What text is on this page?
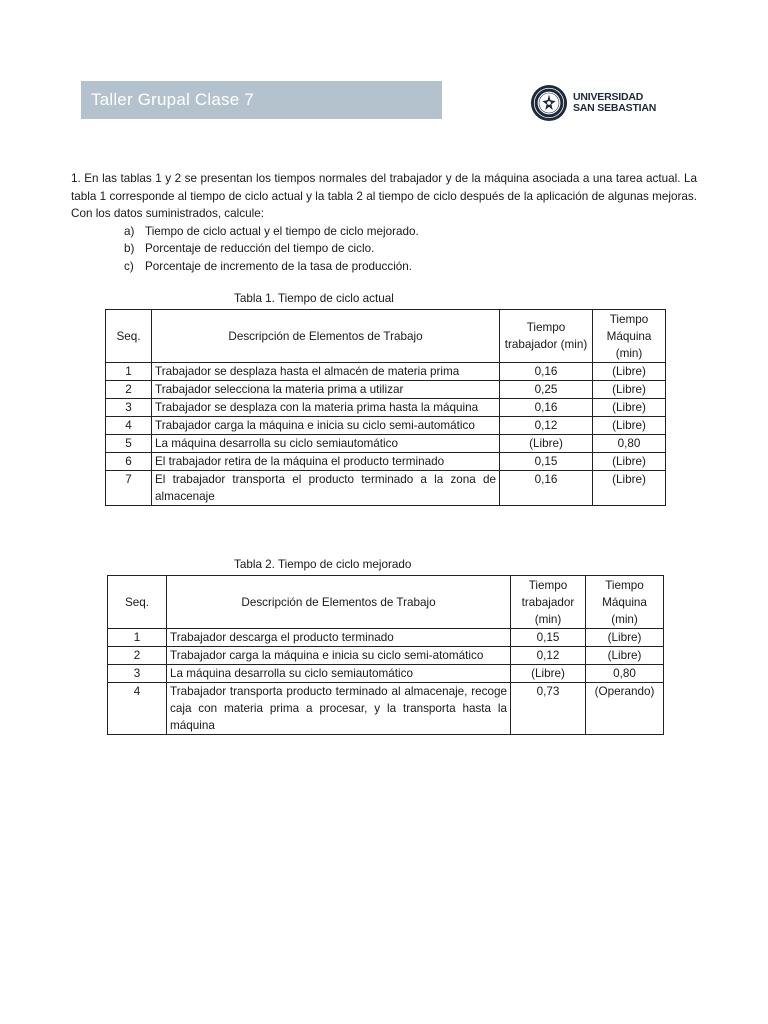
Taller Grupal Clase 7	UNIVERSIDAD
SAN SEBASTIAN

1. En las tablas 1 y 2 se presentan los tiempos normales del trabajador y de la máquina asociada a una tarea actual. La tabla 1 corresponde al tiempo de ciclo actual y la tabla 2 al tiempo de ciclo después de la aplicación de algunas mejoras. Con los datos suministrados, calcule:

a) Tiempo de ciclo actual y el tiempo de ciclo mejorado.
b) Porcentaje de reducción del tiempo de ciclo.
c) Porcentaje de incremento de la tasa de producción.
Tabla 1. Tiempo de ciclo actual
Seq.	Descripción de Elementos de Trabajo	Tiempo trabajador (min)	Tiempo Máquina (min)
1	Trabajador se desplaza hasta el almacén de materia prima	0,16	(Libre)
2	Trabajador selecciona la materia prima a utilizar	0,25	(Libre)
3	Trabajador se desplaza con la materia prima hasta la máquina	0,16	(Libre)
4	Trabajador carga la máquina e inicia su ciclo semi-automático	0,12	(Libre)
5	La máquina desarrolla su ciclo semiautomático	(Libre)	0,80
6	El trabajador retira de la máquina el producto terminado	0,15	(Libre)
7	El trabajador transporta el producto terminado a la zona de almacenaje	0,16	(Libre)
Tabla 2. Tiempo de ciclo mejorado
Seq.	Descripción de Elementos de Trabajo	Tiempo trabajador (min)	Tiempo Máquina (min)
1	Trabajador descarga el producto terminado	0,15	(Libre)
2	Trabajador carga la máquina e inicia su ciclo semi-atomático	0,12	(Libre)
3	La máquina desarrolla su ciclo semiautomático	(Libre)	0,80
4	Trabajador transporta producto terminado al almacenaje, recoge caja con materia prima a procesar, y la transporta hasta la máquina	0,73	(Operando)
